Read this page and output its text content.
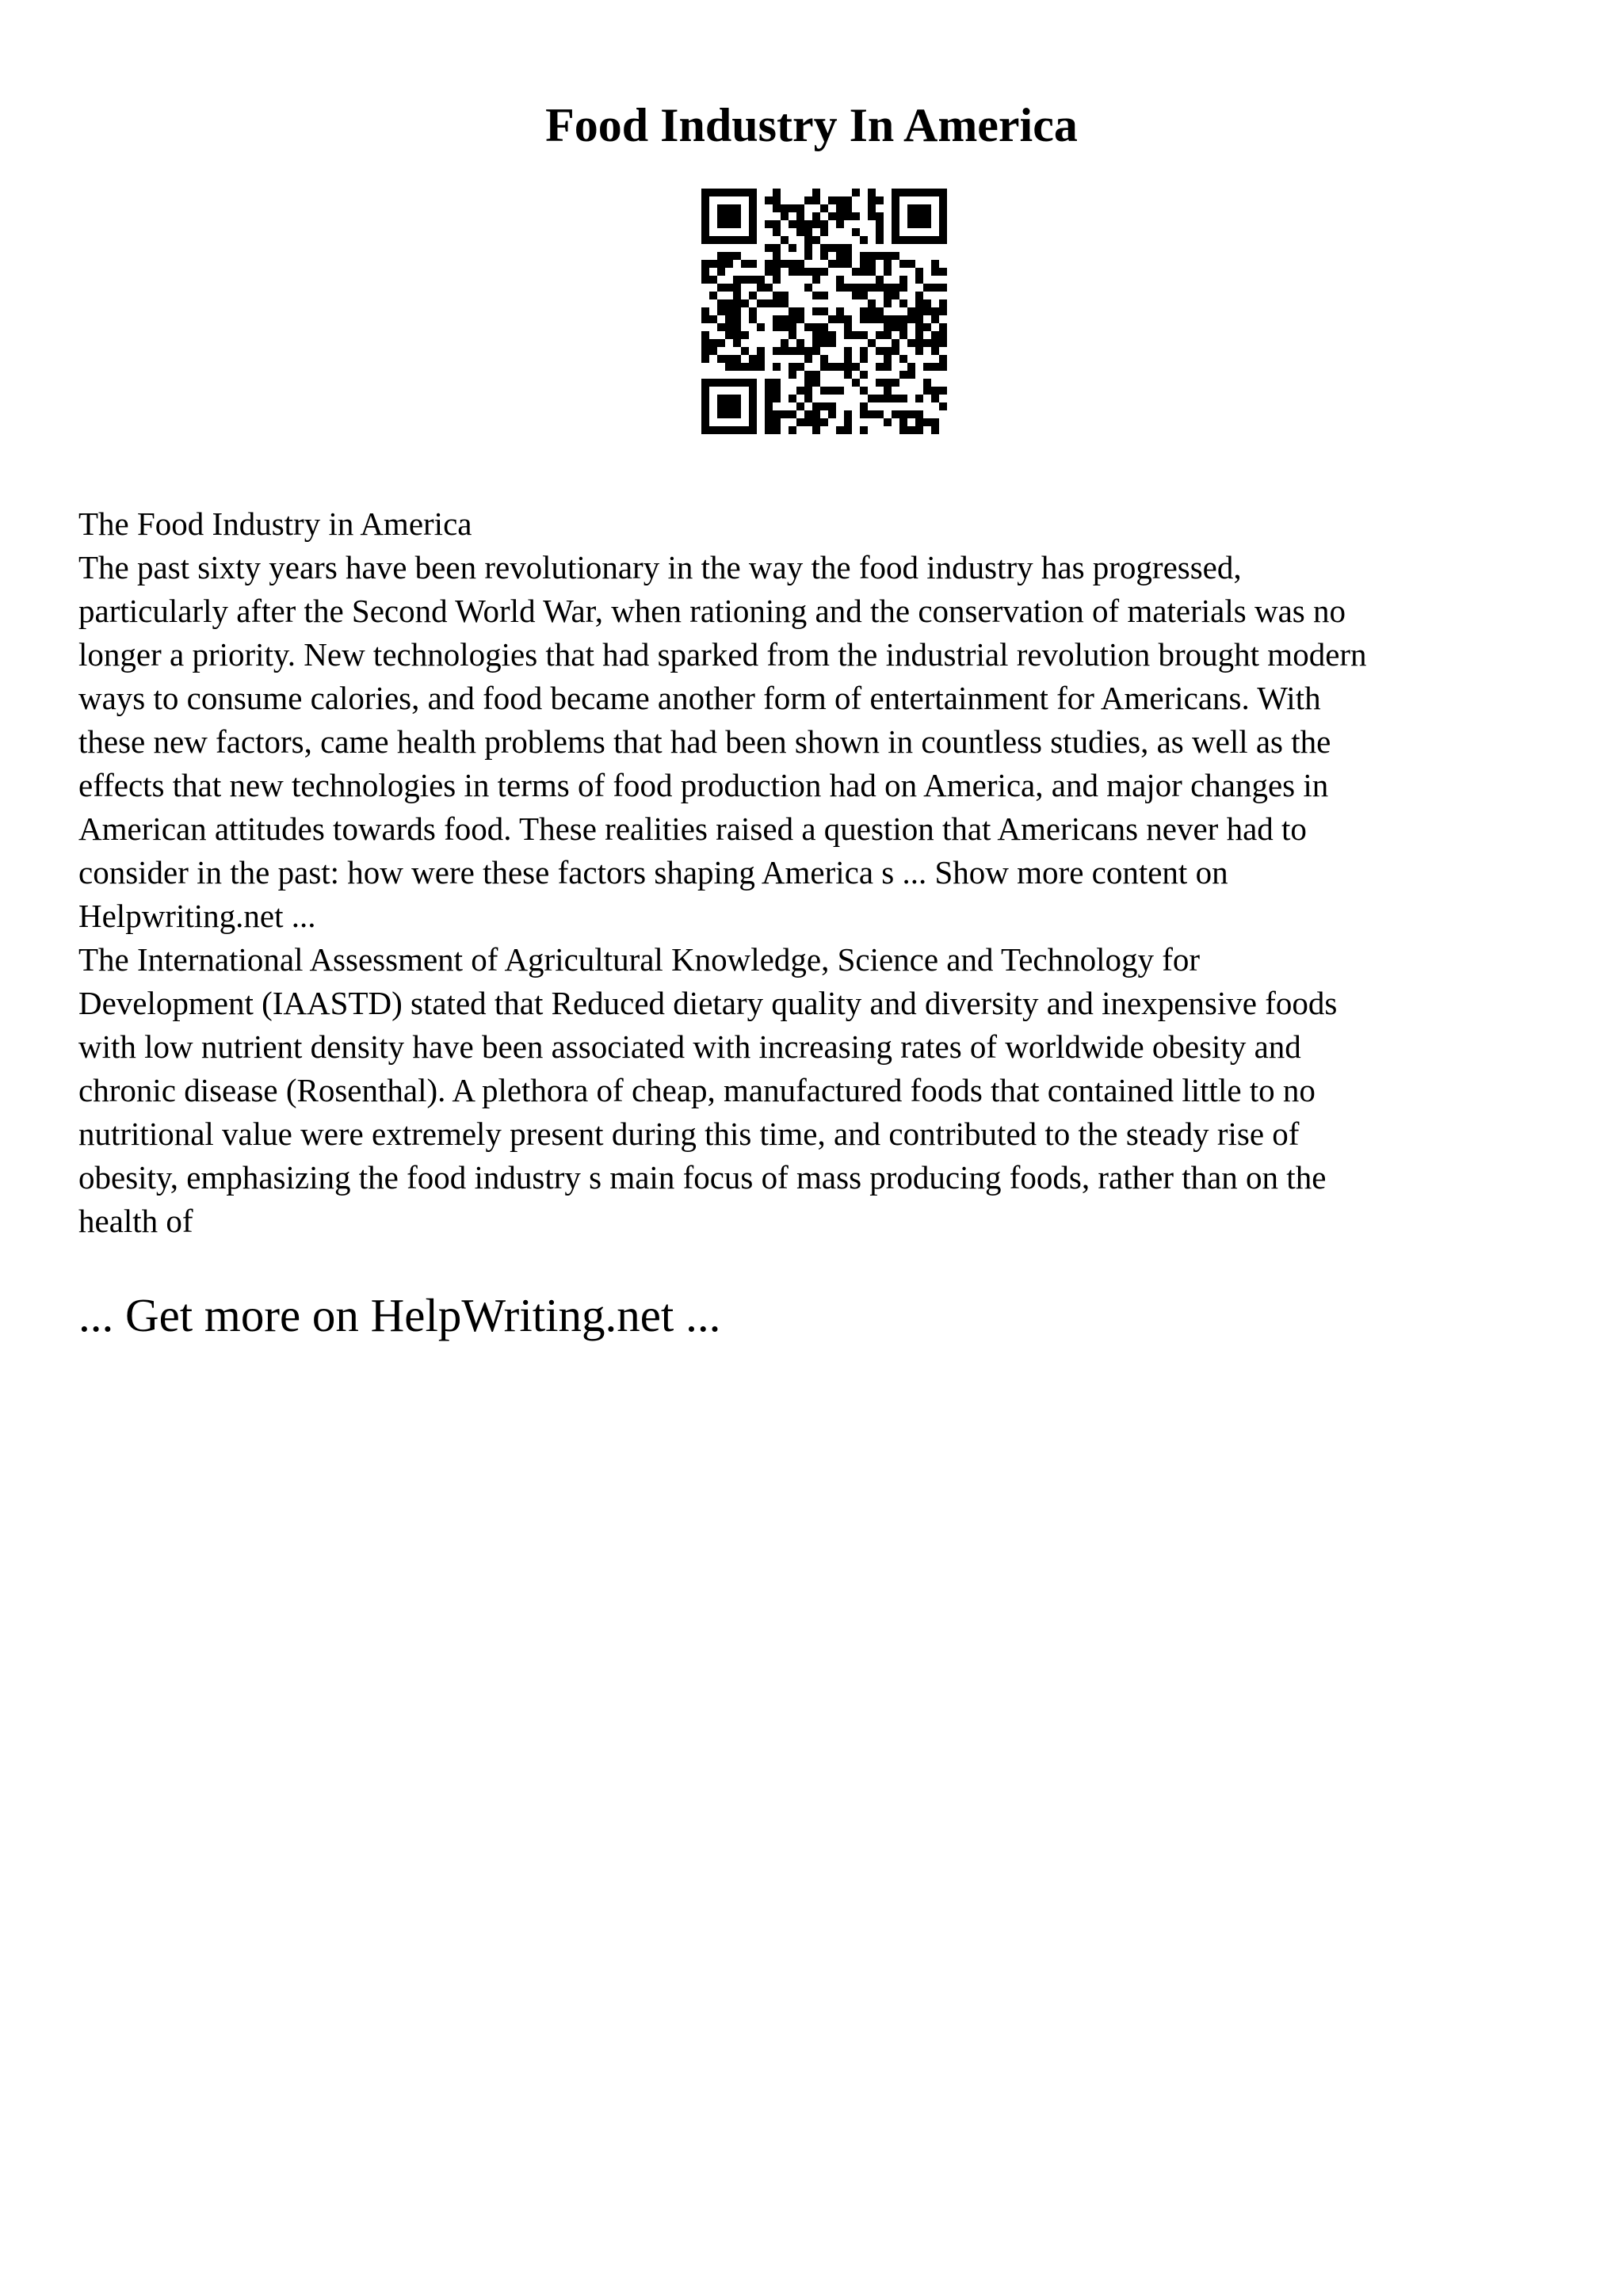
Food Industry In America
The Food Industry in America
The past sixty years have been revolutionary in the way the food industry has progressed,
particularly after the Second World War, when rationing and the conservation of materials was no
longer a priority. New technologies that had sparked from the industrial revolution brought modern
ways to consume calories, and food became another form of entertainment for Americans. With
these new factors, came health problems that had been shown in countless studies, as well as the
effects that new technologies in terms of food production had on America, and major changes in
American attitudes towards food. These realities raised a question that Americans never had to
consider in the past: how were these factors shaping America s ... Show more content on
Helpwriting.net ...
The International Assessment of Agricultural Knowledge, Science and Technology for
Development (IAASTD) stated that Reduced dietary quality and diversity and inexpensive foods
with low nutrient density have been associated with increasing rates of worldwide obesity and
chronic disease (Rosenthal). A plethora of cheap, manufactured foods that contained little to no
nutritional value were extremely present during this time, and contributed to the steady rise of
obesity, emphasizing the food industry s main focus of mass producing foods, rather than on the
health of

... Get more on HelpWriting.net ...
